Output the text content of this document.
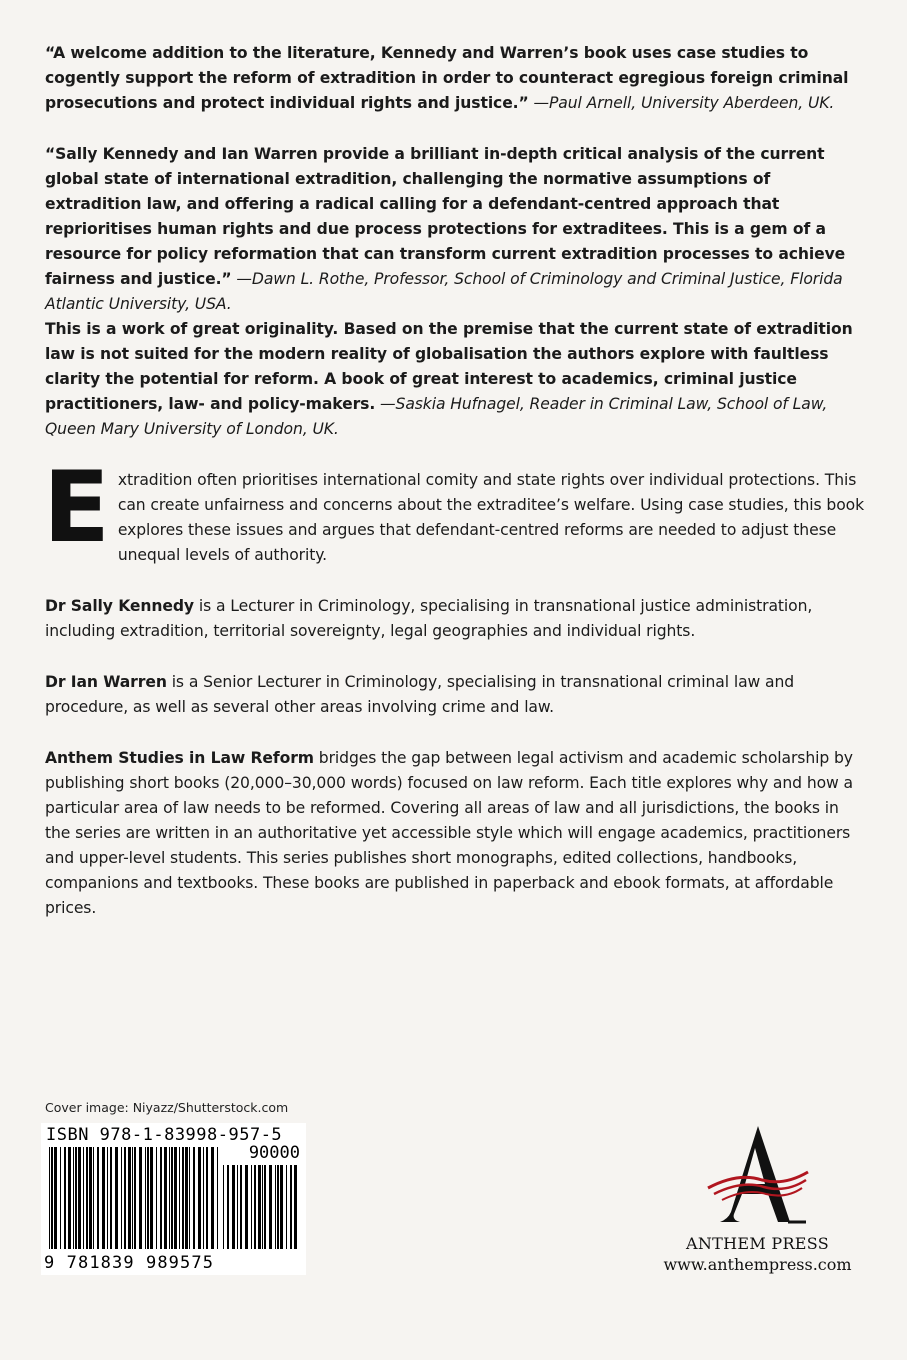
“A welcome addition to the literature, Kennedy and Warren’s book uses case studies to cogently support the reform of extradition in order to counteract egregious foreign criminal prosecutions and protect individual rights and justice.” —Paul Arnell, University Aberdeen, UK.

“Sally Kennedy and Ian Warren provide a brilliant in-depth critical analysis of the current global state of international extradition, challenging the normative assumptions of extradition law, and offering a radical calling for a defendant-centred approach that reprioritises human rights and due process protections for extraditees. This is a gem of a resource for policy reformation that can transform current extradition processes to achieve fairness and justice.” —Dawn L. Rothe, Professor, School of Criminology and Criminal Justice, Florida Atlantic University, USA.

This is a work of great originality. Based on the premise that the current state of extradition law is not suited for the modern reality of globalisation the authors explore with faultless clarity the potential for reform. A book of great interest to academics, criminal justice practitioners, law- and policy-makers. —Saskia Hufnagel, Reader in Criminal Law, School of Law, Queen Mary University of London, UK.

Extradition often prioritises international comity and state rights over individual protections. This can create unfairness and concerns about the extraditee’s welfare. Using case studies, this book explores these issues and argues that defendant-centred reforms are needed to adjust these unequal levels of authority.

Dr Sally Kennedy is a Lecturer in Criminology, specialising in transnational justice administration, including extradition, territorial sovereignty, legal geographies and individual rights.

Dr Ian Warren is a Senior Lecturer in Criminology, specialising in transnational criminal law and procedure, as well as several other areas involving crime and law.

Anthem Studies in Law Reform bridges the gap between legal activism and academic scholarship by publishing short books (20,000–30,000 words) focused on law reform. Each title explores why and how a particular area of law needs to be reformed. Covering all areas of law and all jurisdictions, the books in the series are written in an authoritative yet accessible style which will engage academics, practitioners and upper-level students. This series publishes short monographs, edited collections, handbooks, companions and textbooks. These books are published in paperback and ebook formats, at affordable prices.

Cover image: Niyazz/Shutterstock.com
ISBN 978-1-83998-957-5
90000
9 781839 989575
ANTHEM PRESS
www.anthempress.com
